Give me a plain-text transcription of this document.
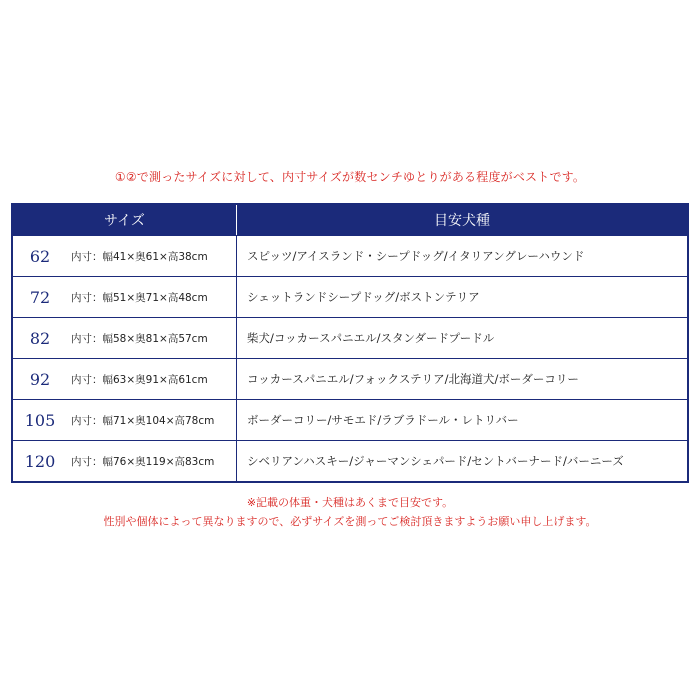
①②で測ったサイズに対して、内寸サイズが数センチゆとりがある程度がベストです。
サイズ	目安犬種
62	内寸：幅41×奥61×高38cm	スピッツ/アイスランド・シープドッグ/イタリアングレーハウンド
72	内寸：幅51×奥71×高48cm	シェットランドシープドッグ/ボストンテリア
82	内寸：幅58×奥81×高57cm	柴犬/コッカースパニエル/スタンダードプードル
92	内寸：幅63×奥91×高61cm	コッカースパニエル/フォックステリア/北海道犬/ボーダーコリー
105	内寸：幅71×奥104×高78cm	ボーダーコリー/サモエド/ラブラドール・レトリバー
120	内寸：幅76×奥119×高83cm	シベリアンハスキー/ジャーマンシェパード/セントバーナード/バーニーズ
※記載の体重・犬種はあくまで目安です。
性別や個体によって異なりますので、必ずサイズを測ってご検討頂きますようお願い申し上げます。
